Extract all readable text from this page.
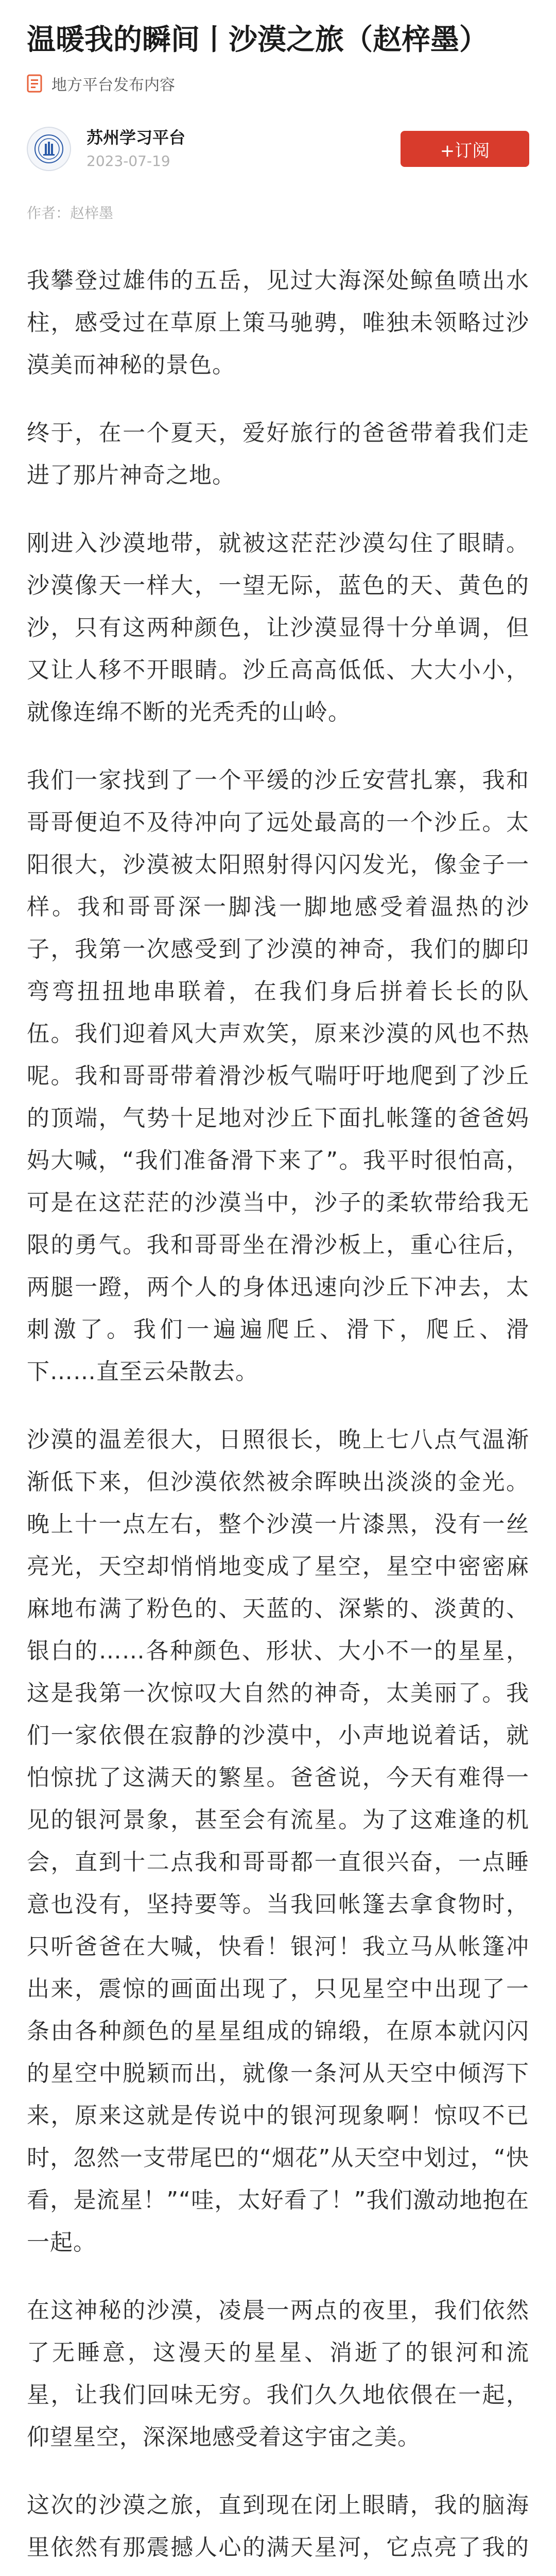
温暖我的瞬间丨沙漠之旅（赵梓墨）
地方平台发布内容
苏州学习平台
2023-07-19	+订阅
作者：赵梓墨

我攀登过雄伟的五岳，见过大海深处鲸鱼喷出水柱，感受过在草原上策马驰骋，唯独未领略过沙漠美而神秘的景色。

终于，在一个夏天，爱好旅行的爸爸带着我们走进了那片神奇之地。

刚进入沙漠地带，就被这茫茫沙漠勾住了眼睛。沙漠像天一样大，一望无际，蓝色的天、黄色的沙，只有这两种颜色，让沙漠显得十分单调，但又让人移不开眼睛。沙丘高高低低、大大小小，就像连绵不断的光秃秃的山岭。

我们一家找到了一个平缓的沙丘安营扎寨，我和哥哥便迫不及待冲向了远处最高的一个沙丘。太阳很大，沙漠被太阳照射得闪闪发光，像金子一样。我和哥哥深一脚浅一脚地感受着温热的沙子，我第一次感受到了沙漠的神奇，我们的脚印弯弯扭扭地串联着，在我们身后拼着长长的队伍。我们迎着风大声欢笑，原来沙漠的风也不热呢。我和哥哥带着滑沙板气喘吁吁地爬到了沙丘的顶端，气势十足地对沙丘下面扎帐篷的爸爸妈妈大喊，“我们准备滑下来了”。我平时很怕高，可是在这茫茫的沙漠当中，沙子的柔软带给我无限的勇气。我和哥哥坐在滑沙板上，重心往后，两腿一蹬，两个人的身体迅速向沙丘下冲去，太刺激了。我们一遍遍爬丘、滑下，爬丘、滑下……直至云朵散去。

沙漠的温差很大，日照很长，晚上七八点气温渐渐低下来，但沙漠依然被余晖映出淡淡的金光。晚上十一点左右，整个沙漠一片漆黑，没有一丝亮光，天空却悄悄地变成了星空，星空中密密麻麻地布满了粉色的、天蓝的、深紫的、淡黄的、银白的……各种颜色、形状、大小不一的星星，这是我第一次惊叹大自然的神奇，太美丽了。我们一家依偎在寂静的沙漠中，小声地说着话，就怕惊扰了这满天的繁星。爸爸说，今天有难得一见的银河景象，甚至会有流星。为了这难逢的机会，直到十二点我和哥哥都一直很兴奋，一点睡意也没有，坚持要等。当我回帐篷去拿食物时，只听爸爸在大喊，快看！银河！我立马从帐篷冲出来，震惊的画面出现了，只见星空中出现了一条由各种颜色的星星组成的锦缎，在原本就闪闪的星空中脱颖而出，就像一条河从天空中倾泻下来，原来这就是传说中的银河现象啊！惊叹不已时，忽然一支带尾巴的“烟花”从天空中划过，“快看，是流星！”“哇，太好看了！”我们激动地抱在一起。

在这神秘的沙漠，凌晨一两点的夜里，我们依然了无睡意，这漫天的星星、消逝了的银河和流星，让我们回味无穷。我们久久地依偎在一起，仰望星空，深深地感受着这宇宙之美。

这次的沙漠之旅，直到现在闭上眼睛，我的脑海里依然有那震撼人心的满天星河，它点亮了我的
